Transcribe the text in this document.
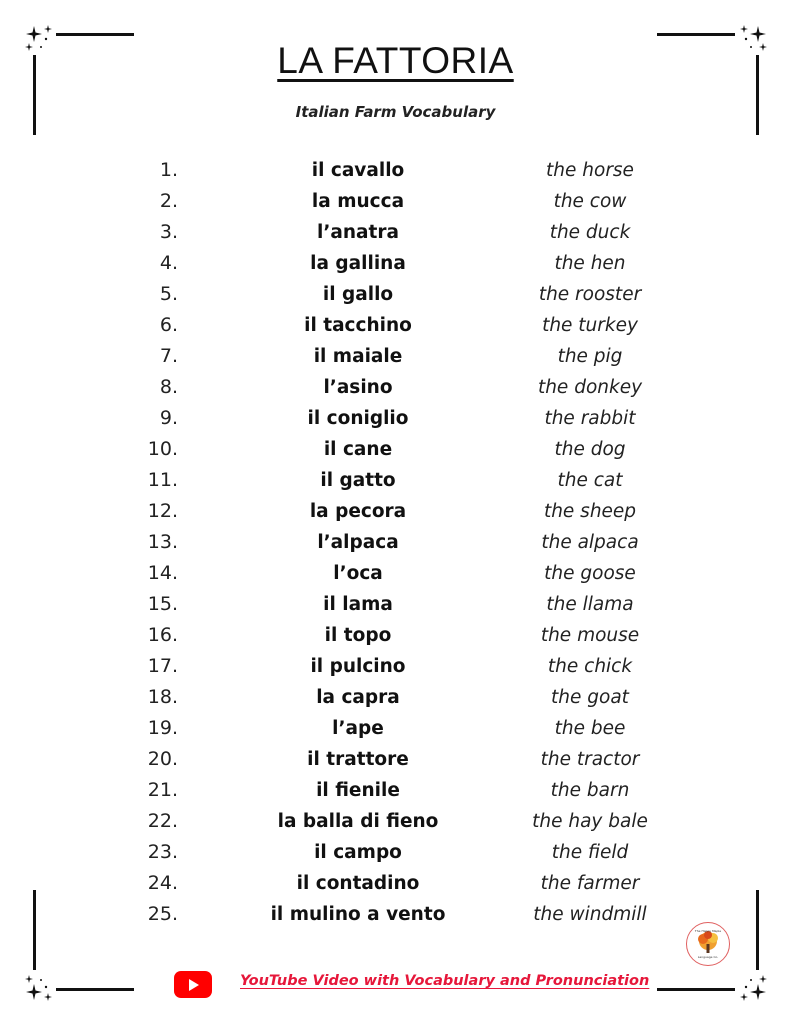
LA FATTORIA
Italian Farm Vocabulary
1.	il cavallo	the horse
2.	la mucca	the cow
3.	l’anatra	the duck
4.	la gallina	the hen
5.	il gallo	the rooster
6.	il tacchino	the turkey
7.	il maiale	the pig
8.	l’asino	the donkey
9.	il coniglio	the rabbit
10.	il cane	the dog
11.	il gatto	the cat
12.	la pecora	the sheep
13.	l’alpaca	the alpaca
14.	l’oca	the goose
15.	il lama	the llama
16.	il topo	the mouse
17.	il pulcino	the chick
18.	la capra	the goat
19.	l’ape	the bee
20.	il trattore	the tractor
21.	il fienile	the barn
22.	la balla di fieno	the hay bale
23.	il campo	the field
24.	il contadino	the farmer
25.	il mulino a vento	the windmill
YouTube Video with Vocabulary and Pronunciation
The Happy Maple
Language Co.
